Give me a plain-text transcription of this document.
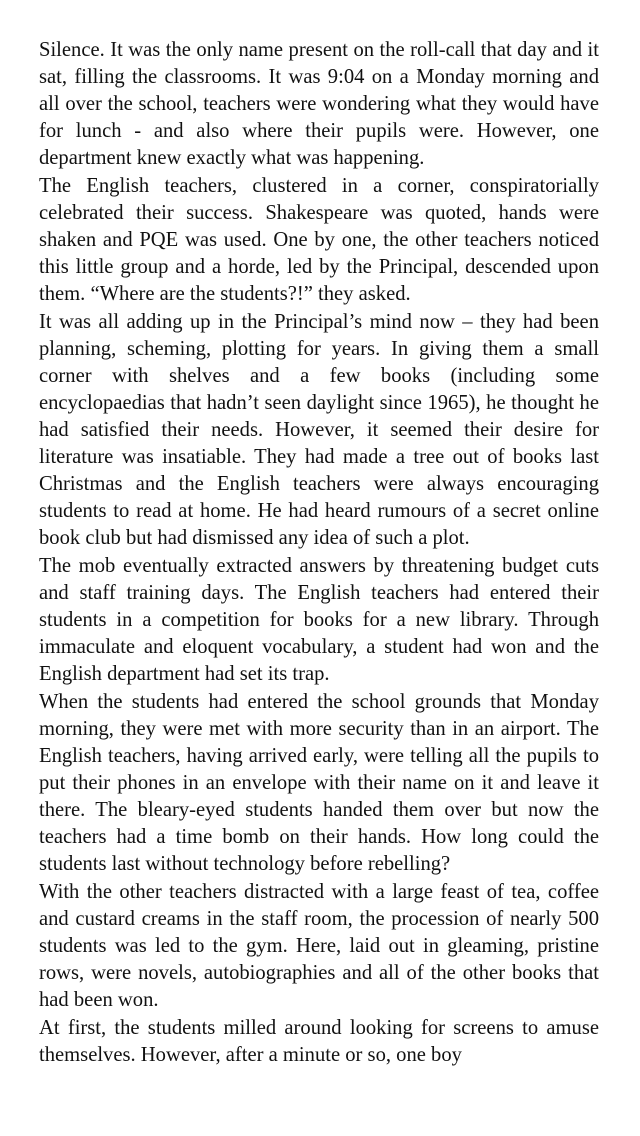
Silence. It was the only name present on the roll-call that day and it sat, filling the classrooms. It was 9:04 on a Monday morning and all over the school, teachers were wondering what they would have for lunch - and also where their pupils were. However, one department knew exactly what was happening.

The English teachers, clustered in a corner, conspiratorially celebrated their success. Shakespeare was quoted, hands were shaken and PQE was used. One by one, the other teachers noticed this little group and a horde, led by the Principal, descended upon them. “Where are the students?!” they asked.

It was all adding up in the Principal’s mind now – they had been planning, scheming, plotting for years. In giving them a small corner with shelves and a few books (including some encyclopaedias that hadn’t seen daylight since 1965), he thought he had satisfied their needs. However, it seemed their desire for literature was insatiable. They had made a tree out of books last Christmas and the English teachers were always encouraging students to read at home. He had heard rumours of a secret online book club but had dismissed any idea of such a plot.

The mob eventually extracted answers by threatening budget cuts and staff training days. The English teachers had entered their students in a competition for books for a new library. Through immaculate and eloquent vocabulary, a student had won and the English department had set its trap.

When the students had entered the school grounds that Monday morning, they were met with more security than in an airport. The English teachers, having arrived early, were telling all the pupils to put their phones in an envelope with their name on it and leave it there. The bleary-eyed students handed them over but now the teachers had a time bomb on their hands. How long could the students last without technology before rebelling?

With the other teachers distracted with a large feast of tea, coffee and custard creams in the staff room, the procession of nearly 500 students was led to the gym. Here, laid out in gleaming, pristine rows, were novels, autobiographies and all of the other books that had been won.

At first, the students milled around looking for screens to amuse themselves. However, after a minute or so, one boy
